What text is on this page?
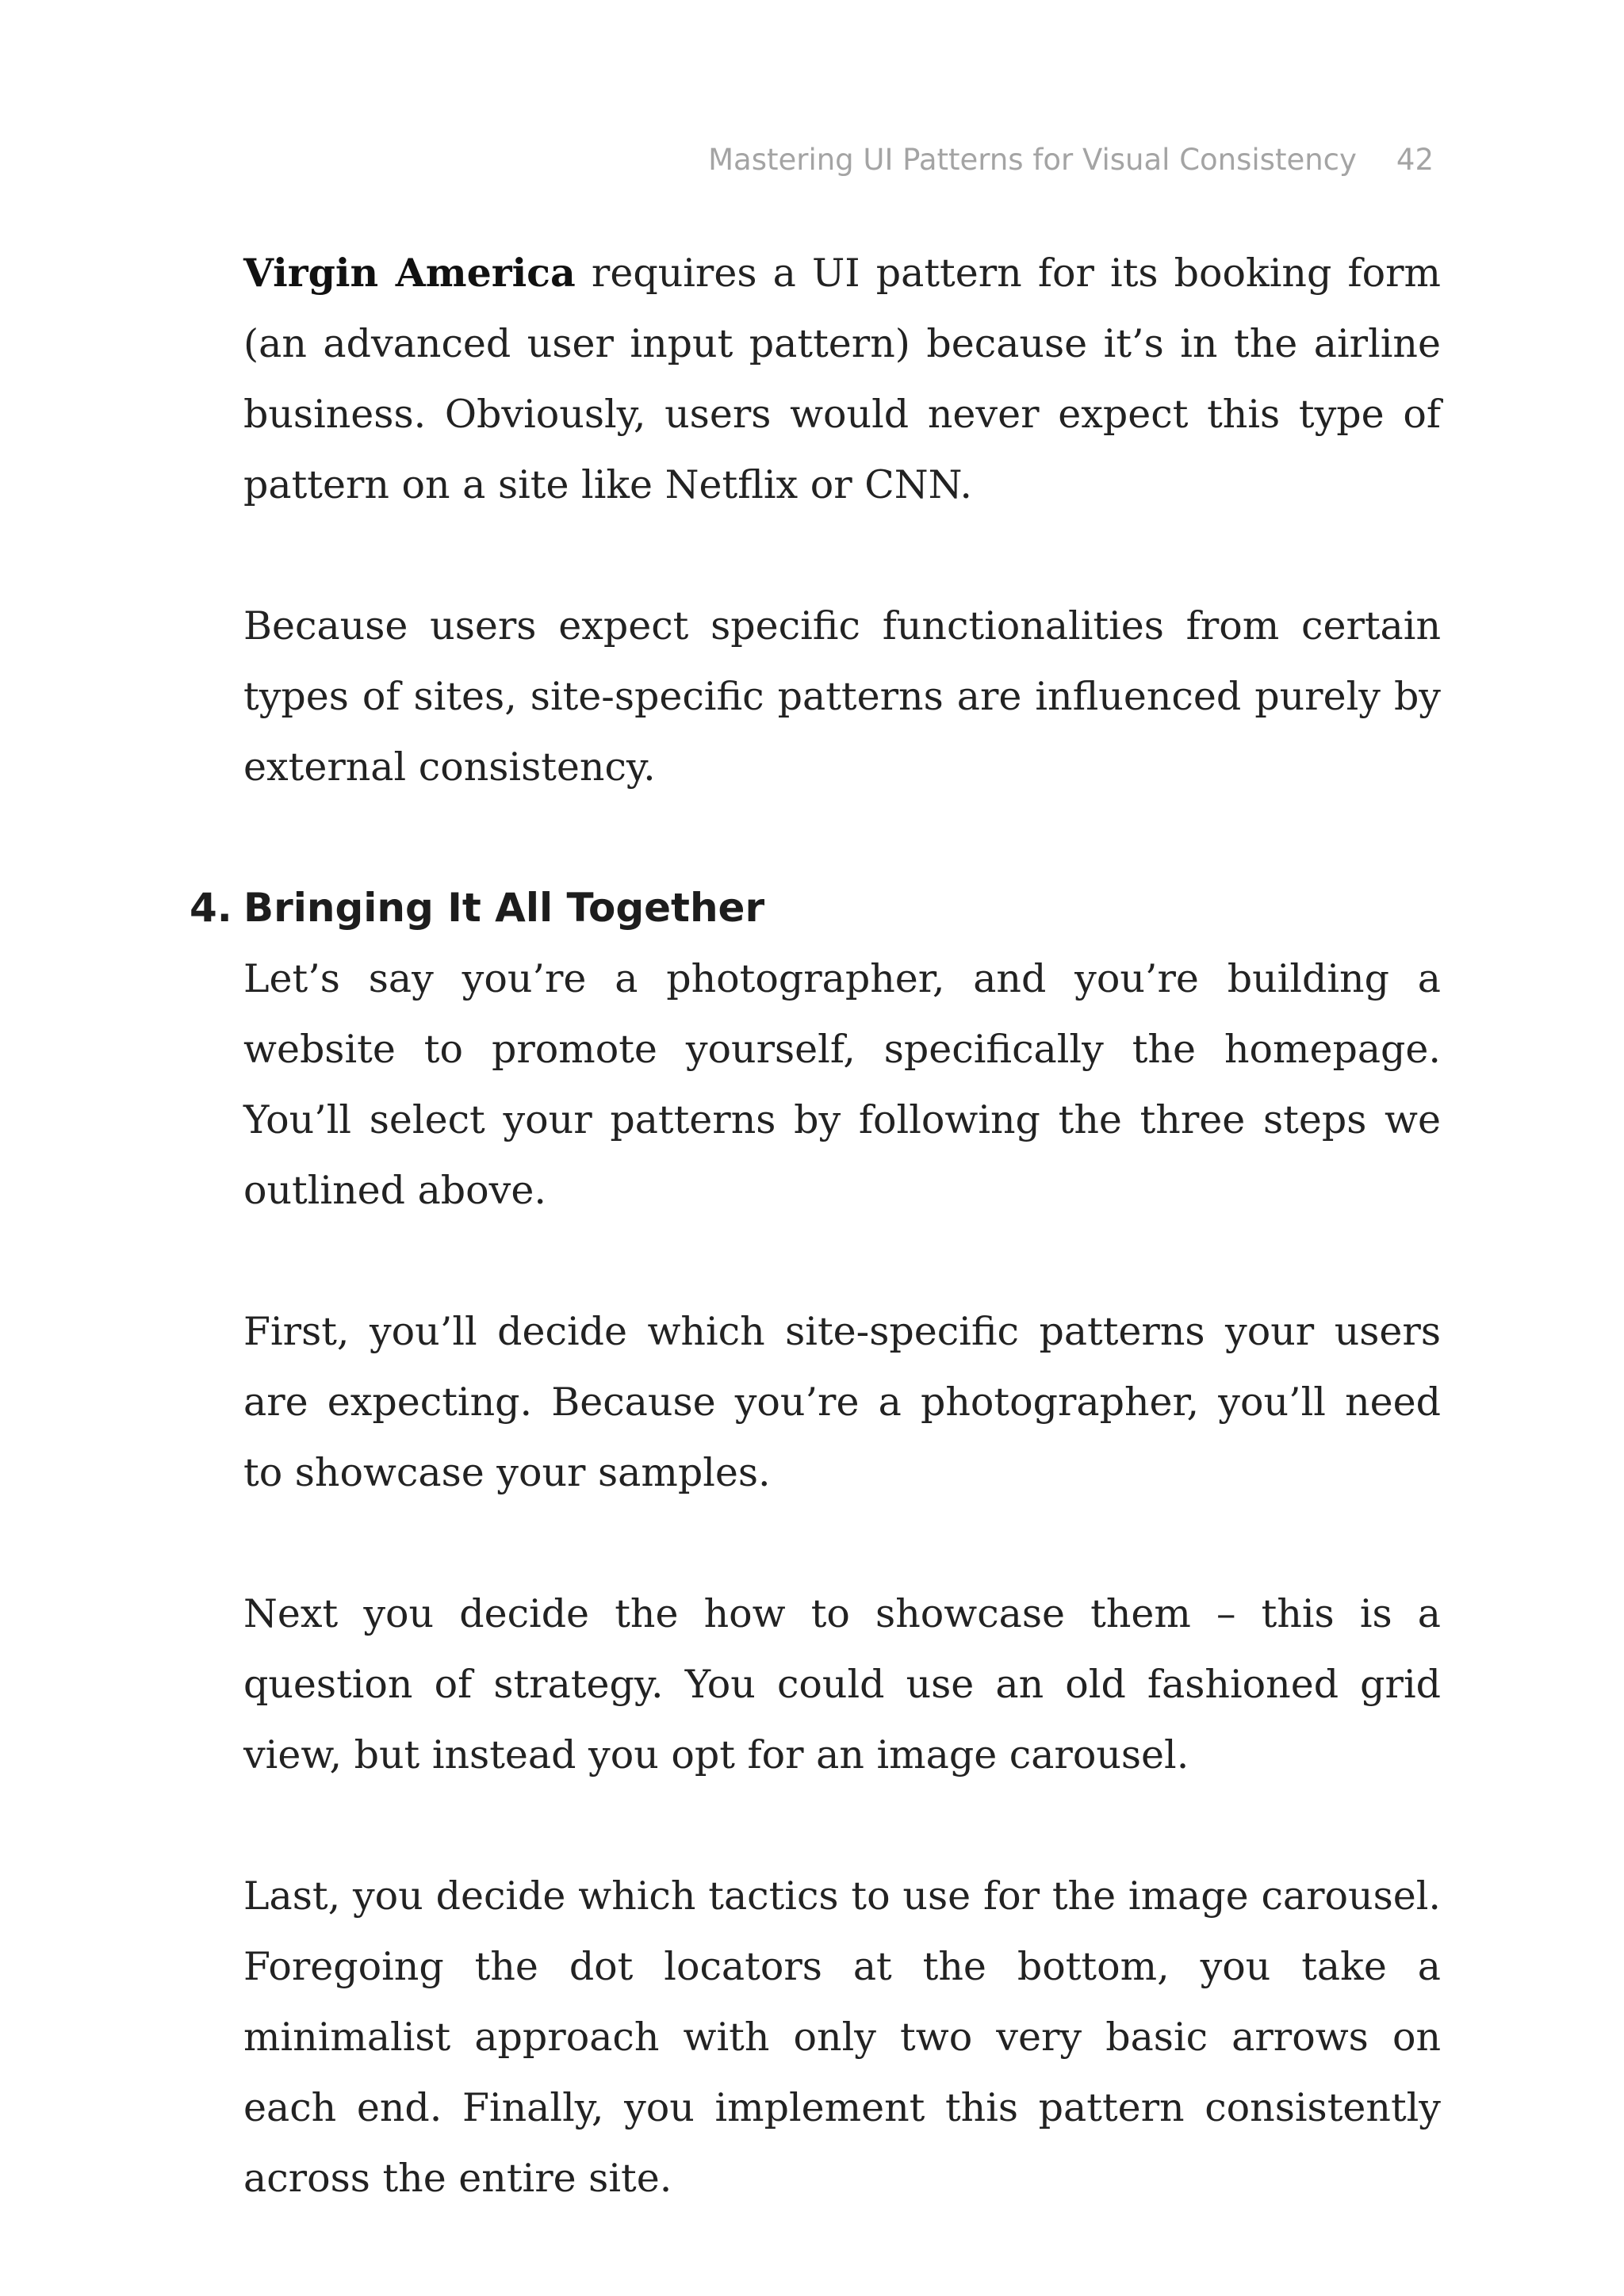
Mastering UI Patterns for Visual Consistency 42

Virgin America requires a UI pattern for its booking form (an advanced user input pattern) because it’s in the airline business. Obviously, users would never expect this type of pattern on a site like Netflix or CNN.

Because users expect specific functionalities from certain types of sites, site-specific patterns are influenced purely by external consistency.

4. Bringing It All Together

Let’s say you’re a photographer, and you’re building a website to promote yourself, specifically the homepage. You’ll select your patterns by following the three steps we outlined above.

First, you’ll decide which site-specific patterns your users are expecting. Because you’re a photographer, you’ll need to showcase your samples.

Next you decide the how to showcase them – this is a question of strategy. You could use an old fashioned grid view, but instead you opt for an image carousel.

Last, you decide which tactics to use for the image carousel. Foregoing the dot locators at the bottom, you take a minimalist approach with only two very basic arrows on each end. Finally, you implement this pattern consistently across the entire site.
